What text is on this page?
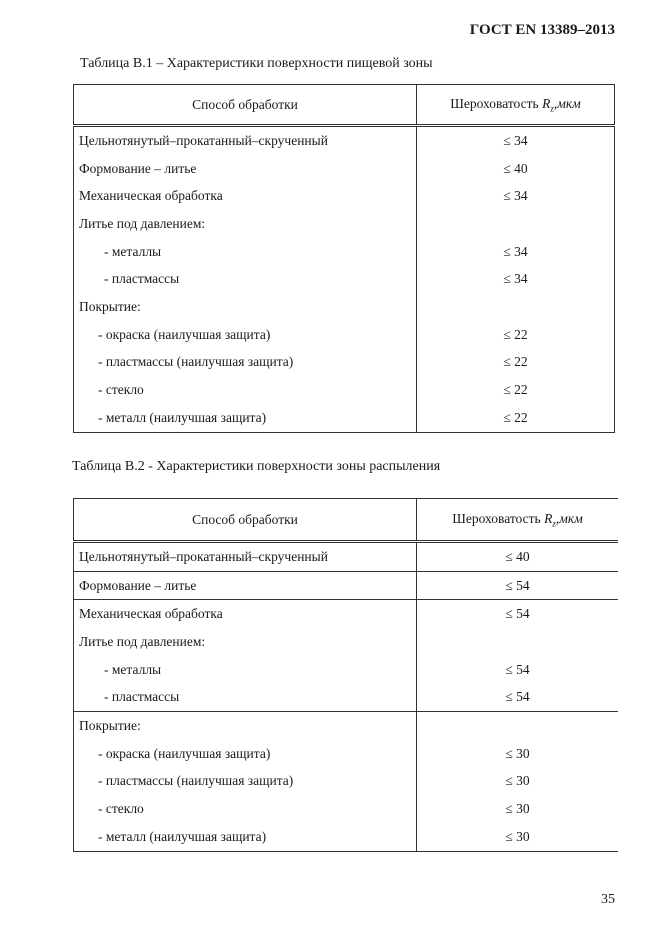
ГОСТ EN 13389–2013
Таблица В.1 – Характеристики поверхности пищевой зоны
Способ обработки	Шероховатость $R_z,мкм$
Цельнотянутый–прокатанный–скрученный	≤ 34
Формование – литье	≤ 40
Механическая обработка	≤ 34
Литье под давлением:	
- металлы	≤ 34
- пластмассы	≤ 34
Покрытие:	
- окраска (наилучшая защита)	≤ 22
- пластмассы (наилучшая защита)	≤ 22
- стекло	≤ 22
- металл (наилучшая защита)	≤ 22
Таблица В.2 - Характеристики поверхности зоны распыления
Способ обработки	Шероховатость $R_z,мкм$
Цельнотянутый–прокатанный–скрученный	≤ 40
Формование – литье	≤ 54
Механическая обработка	≤ 54
Литье под давлением:	
- металлы	≤ 54
- пластмассы	≤ 54
Покрытие:	
- окраска (наилучшая защита)	≤ 30
- пластмассы (наилучшая защита)	≤ 30
- стекло	≤ 30
- металл (наилучшая защита)	≤ 30
35
